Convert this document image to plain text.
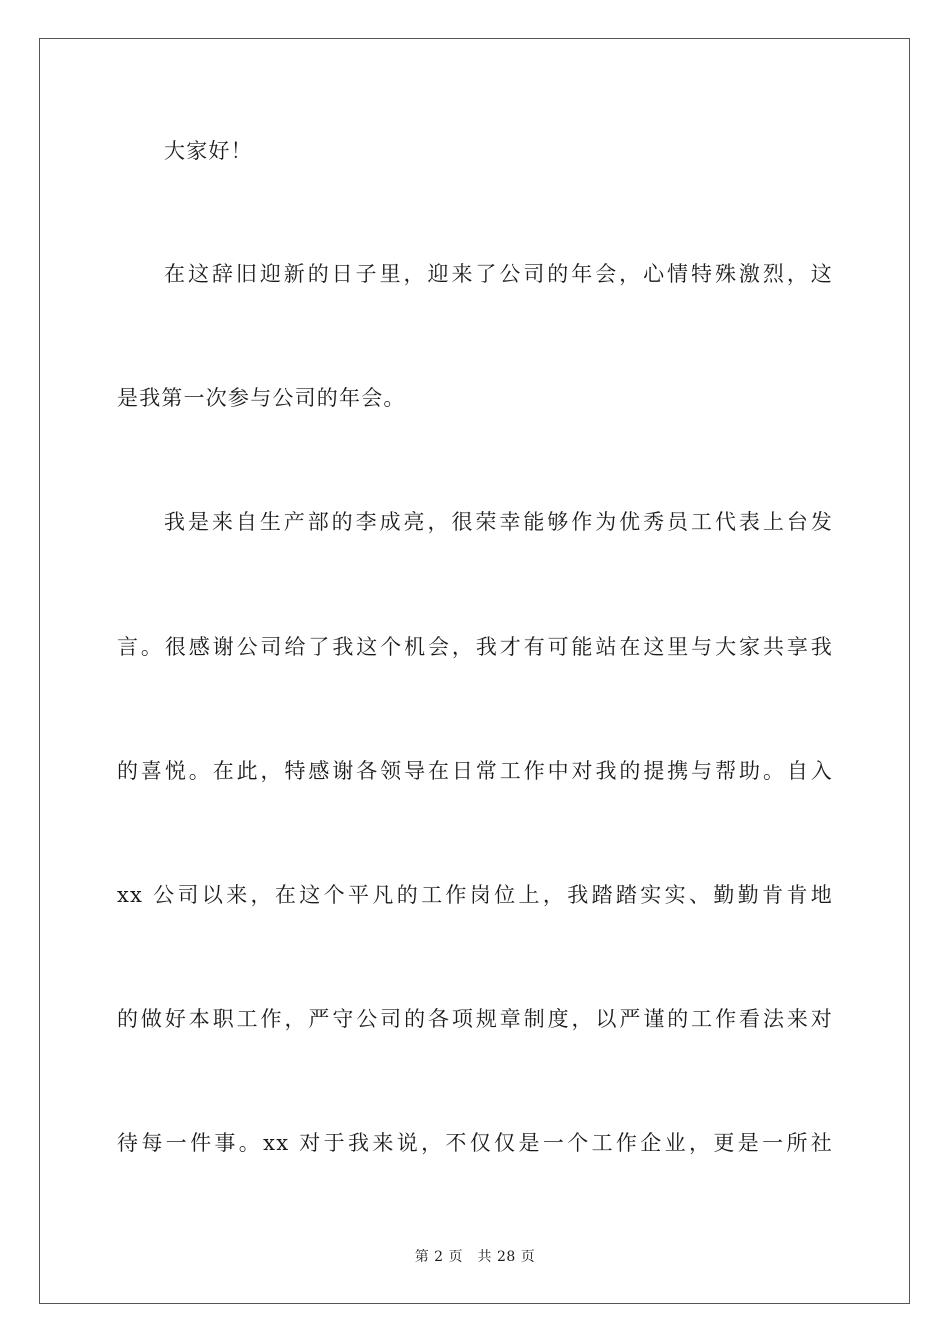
大家好！
在这辞旧迎新的日子里，迎来了公司的年会，心情特殊激烈，这
是我第一次参与公司的年会。
我是来自生产部的李成亮，很荣幸能够作为优秀员工代表上台发
言。很感谢公司给了我这个机会，我才有可能站在这里与大家共享我
的喜悦。在此，特感谢各领导在日常工作中对我的提携与帮助。自入
xx 公司以来，在这个平凡的工作岗位上，我踏踏实实、勤勤肯肯地
的做好本职工作，严守公司的各项规章制度，以严谨的工作看法来对
待每一件事。xx 对于我来说，不仅仅是一个工作企业，更是一所社
第 2 页　共 28 页
